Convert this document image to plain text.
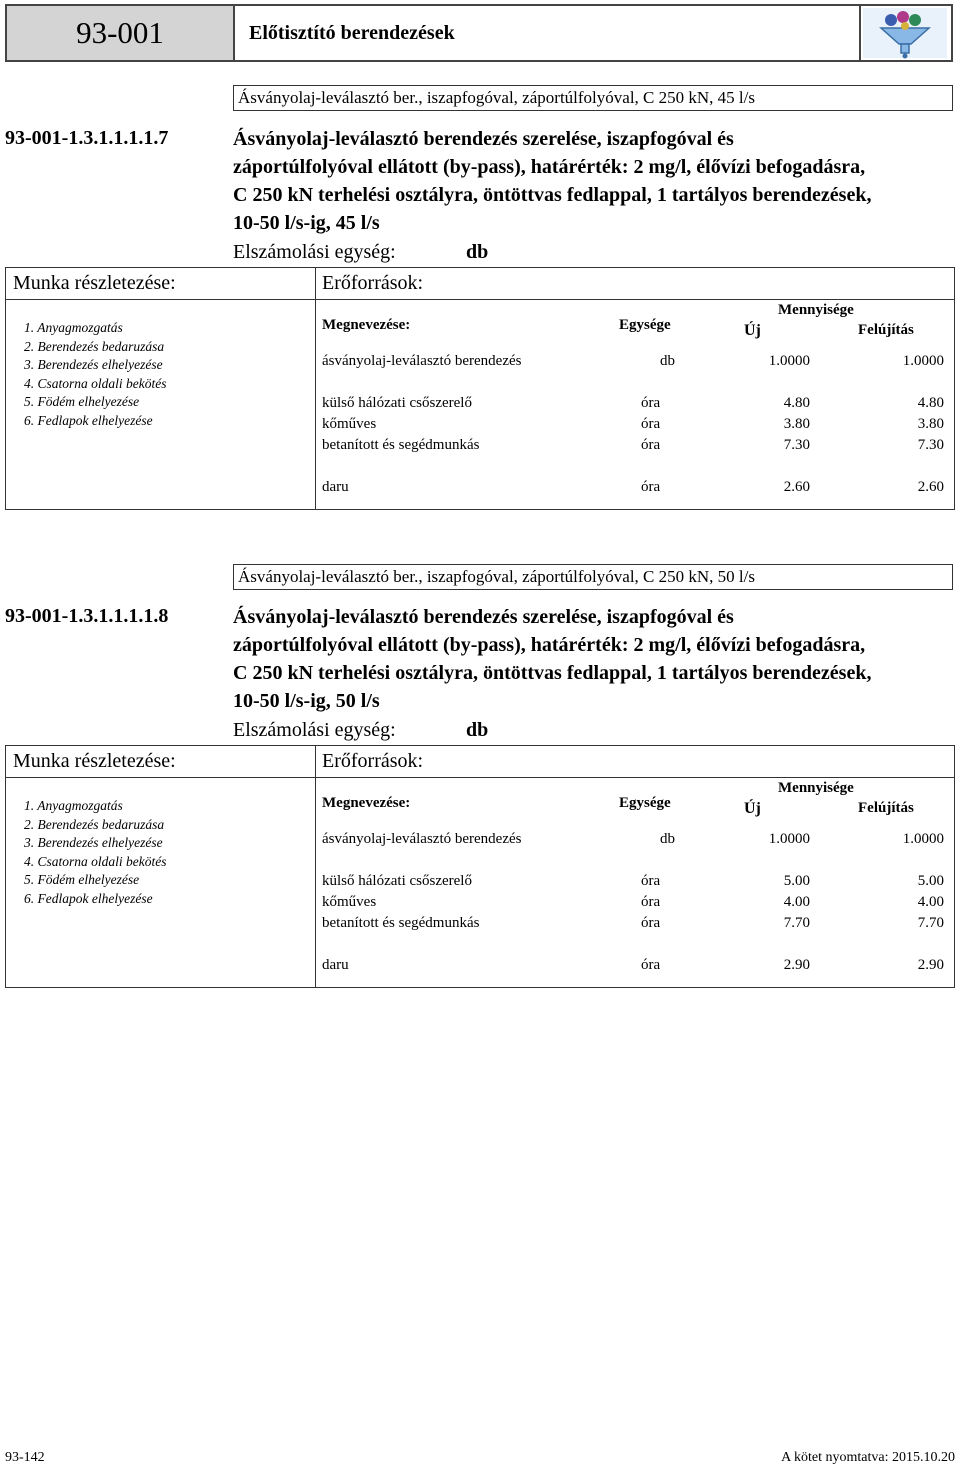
93-001	Előtisztító berendezések
Ásványolaj-leválasztó ber., iszapfogóval, záportúlfolyóval, C 250 kN, 45 l/s
93-001-1.3.1.1.1.1.7	Ásványolaj-leválasztó berendezés szerelése, iszapfogóval és
záportúlfolyóval ellátott (by-pass), határérték: 2 mg/l, élővízi befogadásra,
C 250 kN terhelési osztályra, öntöttvas fedlappal, 1 tartályos berendezések,
10-50 l/s-ig, 45 l/s
Elszámolási egység:	db
Munka részletezése:	Erőforrások:
1. Anyagmozgatás
2. Berendezés bedaruzása
3. Berendezés elhelyezése
4. Csatorna oldali bekötés
5. Födém elhelyezése
6. Fedlapok elhelyezése
Megnevezése:	Egysége
Mennyisége
Új	Felújítás
ásványolaj-leválasztó berendezés	db	1.0000	1.0000
külső hálózati csőszerelő	óra	4.80	4.80
kőműves	óra	3.80	3.80
betanított és segédmunkás	óra	7.30	7.30
daru	óra	2.60	2.60
Ásványolaj-leválasztó ber., iszapfogóval, záportúlfolyóval, C 250 kN, 50 l/s
93-001-1.3.1.1.1.1.8	Ásványolaj-leválasztó berendezés szerelése, iszapfogóval és
záportúlfolyóval ellátott (by-pass), határérték: 2 mg/l, élővízi befogadásra,
C 250 kN terhelési osztályra, öntöttvas fedlappal, 1 tartályos berendezések,
10-50 l/s-ig, 50 l/s
Elszámolási egység:	db
Munka részletezése:	Erőforrások:
1. Anyagmozgatás
2. Berendezés bedaruzása
3. Berendezés elhelyezése
4. Csatorna oldali bekötés
5. Födém elhelyezése
6. Fedlapok elhelyezése
Megnevezése:	Egysége
Mennyisége
Új	Felújítás
ásványolaj-leválasztó berendezés	db	1.0000	1.0000
külső hálózati csőszerelő	óra	5.00	5.00
kőműves	óra	4.00	4.00
betanított és segédmunkás	óra	7.70	7.70
daru	óra	2.90	2.90
93-142	A kötet nyomtatva: 2015.10.20
